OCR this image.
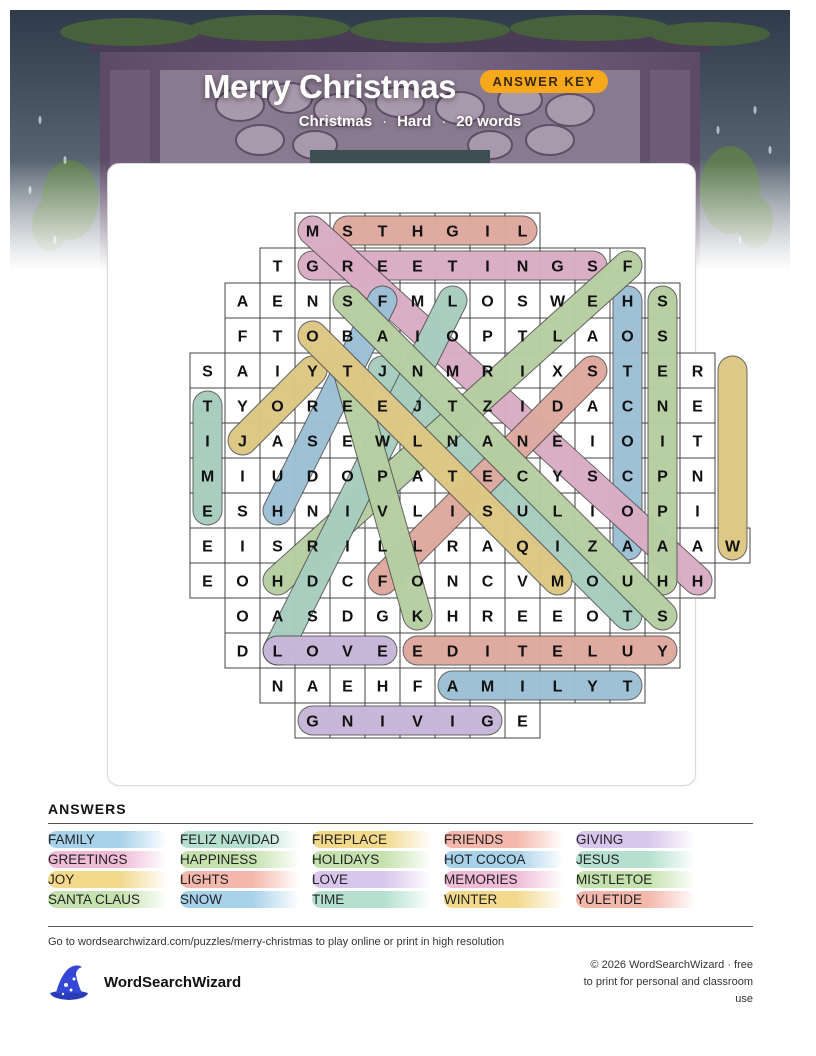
Merry Christmas
Christmas · Hard · 20 words
ANSWER KEY
M S T H G I L
T G R E E T I N G S F
A E N S F M L O S W E H S
F T O B A I O P T L A O S
S A I Y T J N M R I X S T E R
T Y O R E E J T Z I D A C N E
I J A S E W L N A N E I O I T
M I U D O P A T E C Y S C P N
E S H N I V L I S U L I O P I
E I S R I L L R A Q I Z A A A W
E O H D C F O N C V M O U H H
O A S D G K H R E E O T S
D L O V E E D I T E L U Y
N A E H F A M I L Y T
G N I V I G E
ANSWERS
FAMILY
GREETINGS
JOY
SANTA CLAUS
FELIZ NAVIDAD
HAPPINESS
LIGHTS
SNOW
FIREPLACE
HOLIDAYS
LOVE
TIME
FRIENDS
HOT COCOA
MEMORIES
WINTER
GIVING
JESUS
MISTLETOE
YULETIDE
Go to wordsearchwizard.com/puzzles/merry-christmas to play online or print in high resolution
WordSearchWizard
© 2026 WordSearchWizard · free to print for personal and classroom use
